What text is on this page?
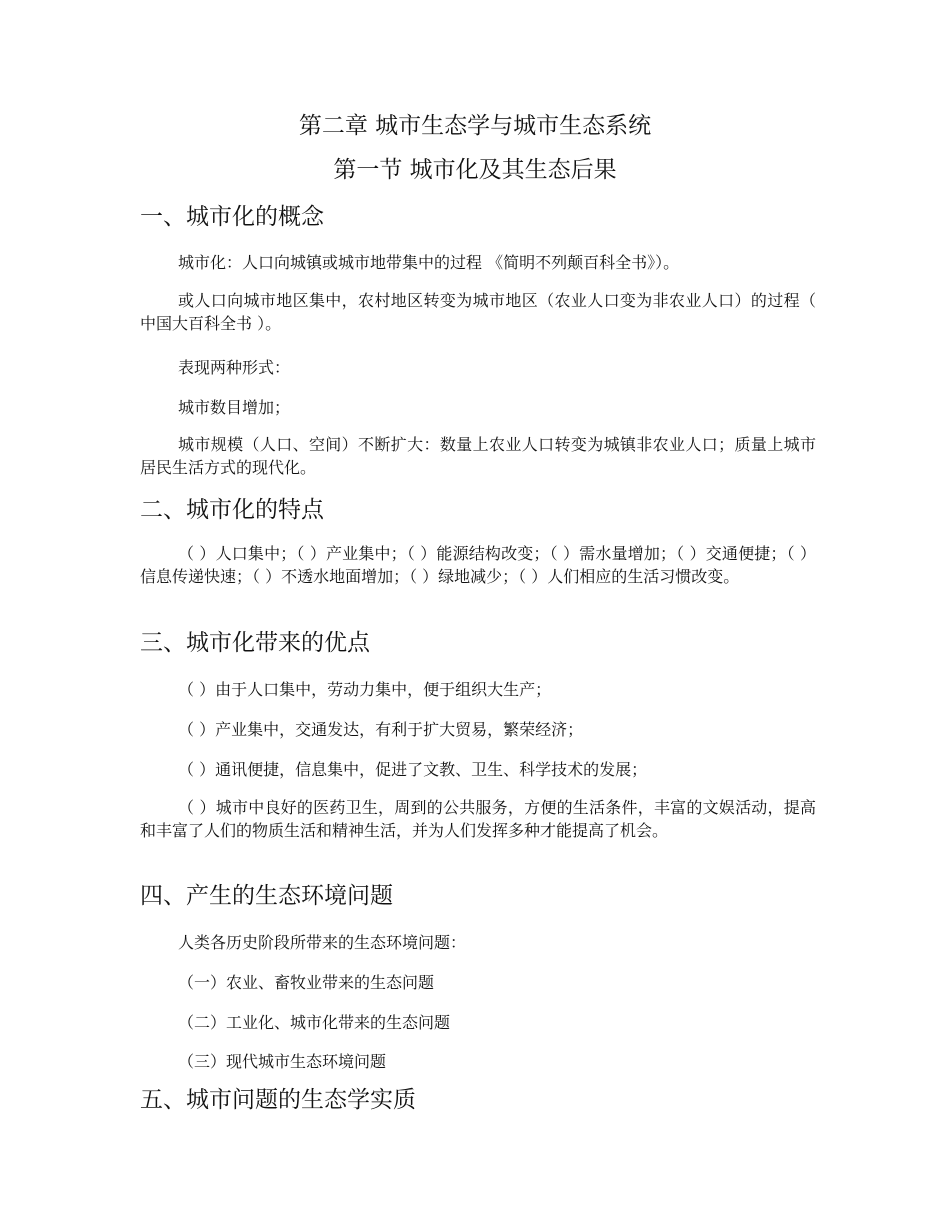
第二章 城市生态学与城市生态系统
第一节 城市化及其生态后果
一、城市化的概念

城市化：人口向城镇或城市地带集中的过程 《简明不列颠百科全书》）。

或人口向城市地区集中，农村地区转变为城市地区（农业人口变为非农业人口）的过程（ 中国大百科全书 ）。

表现两种形式：

城市数目增加；

城市规模（人口、空间）不断扩大：数量上农业人口转变为城镇非农业人口；质量上城市居民生活方式的现代化。

二、城市化的特点

（ ）人口集中；（ ）产业集中；（ ）能源结构改变；（ ）需水量增加；（ ）交通便捷；（ ）信息传递快速；（ ）不透水地面增加；（ ）绿地减少；（ ）人们相应的生活习惯改变。

三、城市化带来的优点

（ ）由于人口集中，劳动力集中，便于组织大生产；

（ ）产业集中，交通发达，有利于扩大贸易，繁荣经济；

（ ）通讯便捷，信息集中，促进了文教、卫生、科学技术的发展；

（ ）城市中良好的医药卫生，周到的公共服务，方便的生活条件，丰富的文娱活动，提高和丰富了人们的物质生活和精神生活，并为人们发挥多种才能提高了机会。

四、产生的生态环境问题

人类各历史阶段所带来的生态环境问题：

（一）农业、畜牧业带来的生态问题

（二）工业化、城市化带来的生态问题

（三）现代城市生态环境问题

五、城市问题的生态学实质
